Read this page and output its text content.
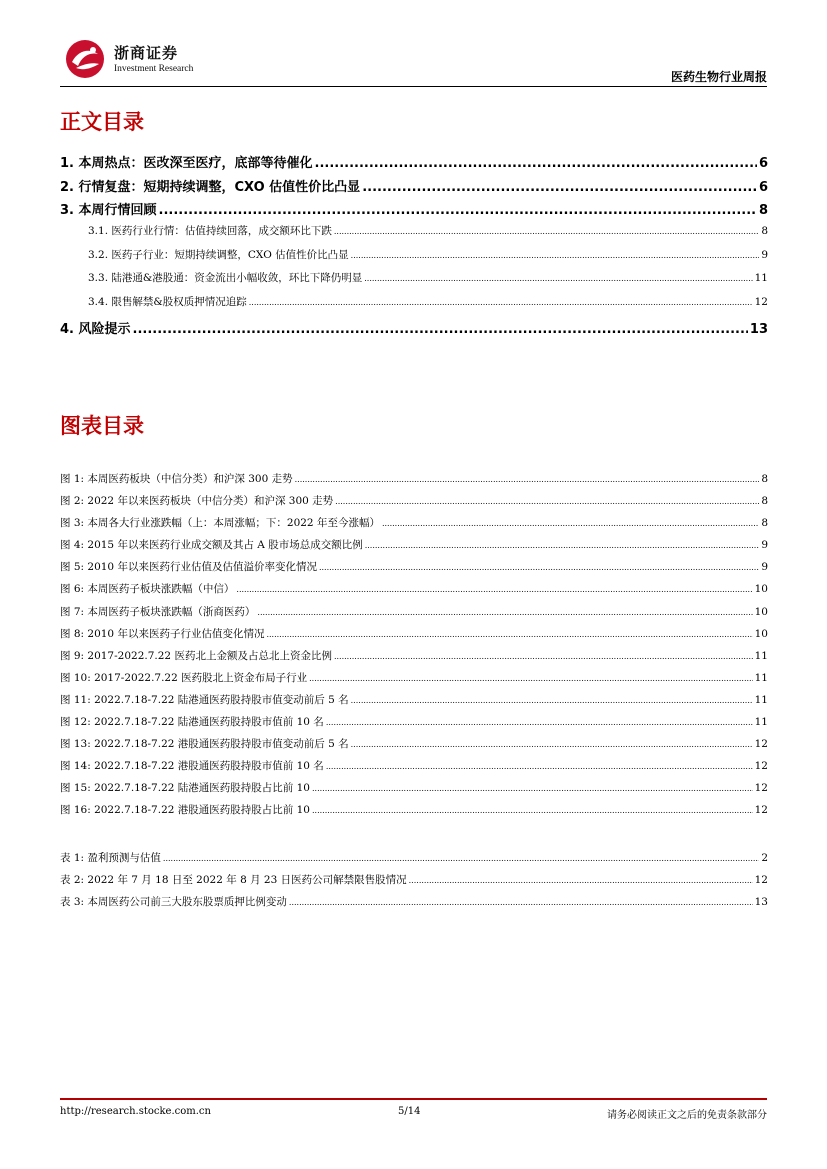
浙商证券
Investment Research
医药生物行业周报
正文目录
1. 本周热点：医改深至医疗，底部等待催化 .....	6
2. 行情复盘：短期持续调整，CXO 估值性价比凸显 .....	6
3. 本周行情回顾 .....	8
3.1. 医药行业行情：估值持续回落，成交额环比下跌 .....	8
3.2. 医药子行业：短期持续调整，CXO 估值性价比凸显 .....	9
3.3. 陆港通&港股通：资金流出小幅收敛，环比下降仍明显 .....	11
3.4. 限售解禁&股权质押情况追踪 .....	12
4. 风险提示 .....	13
图表目录
图 1: 本周医药板块（中信分类）和沪深 300 走势 .....	8
图 2: 2022 年以来医药板块（中信分类）和沪深 300 走势 .....	8
图 3: 本周各大行业涨跌幅（上：本周涨幅；下：2022 年至今涨幅） .....	8
图 4: 2015 年以来医药行业成交额及其占 A 股市场总成交额比例 .....	9
图 5: 2010 年以来医药行业估值及估值溢价率变化情况 .....	9
图 6: 本周医药子板块涨跌幅（中信） .....	10
图 7: 本周医药子板块涨跌幅（浙商医药） .....	10
图 8: 2010 年以来医药子行业估值变化情况 .....	10
图 9: 2017-2022.7.22 医药北上金额及占总北上资金比例 .....	11
图 10: 2017-2022.7.22 医药股北上资金布局子行业 .....	11
图 11: 2022.7.18-7.22 陆港通医药股持股市值变动前后 5 名 .....	11
图 12: 2022.7.18-7.22 陆港通医药股持股市值前 10 名 .....	11
图 13: 2022.7.18-7.22 港股通医药股持股市值变动前后 5 名 .....	12
图 14: 2022.7.18-7.22 港股通医药股持股市值前 10 名 .....	12
图 15: 2022.7.18-7.22 陆港通医药股持股占比前 10 .....	12
图 16: 2022.7.18-7.22 港股通医药股持股占比前 10 .....	12
表 1: 盈利预测与估值 .....	2
表 2: 2022 年 7 月 18 日至 2022 年 8 月 23 日医药公司解禁限售股情况 .....	12
表 3: 本周医药公司前三大股东股票质押比例变动 .....	13
http://research.stocke.com.cn	5/14	请务必阅读正文之后的免责条款部分
